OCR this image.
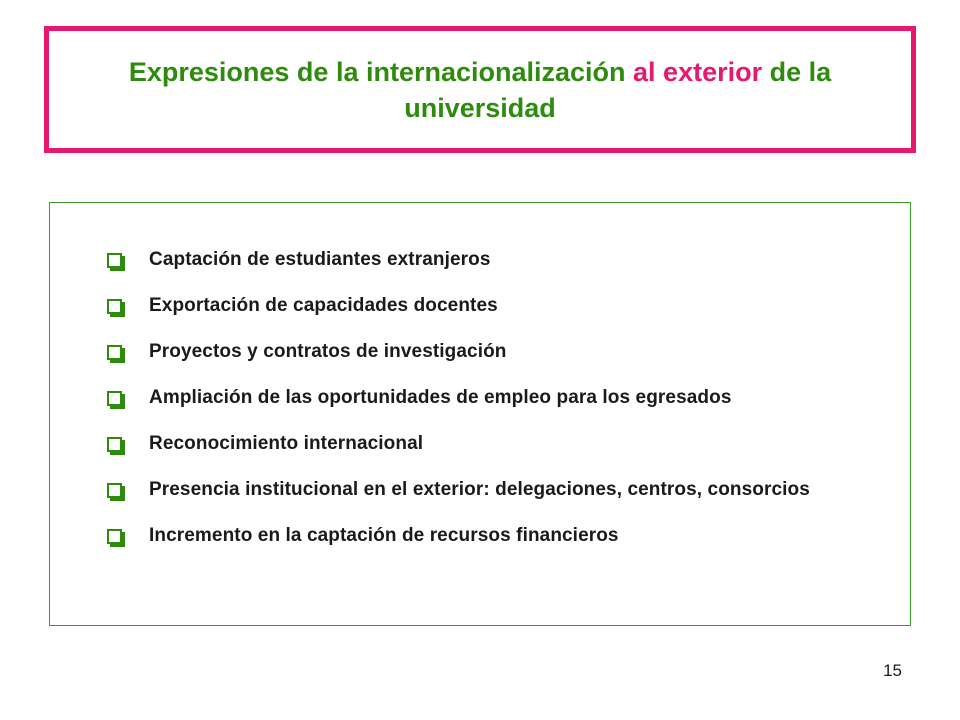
Expresiones de la internacionalización al exterior de la universidad
Captación de estudiantes extranjeros
Exportación de capacidades docentes
Proyectos y contratos de investigación
Ampliación de las oportunidades de empleo para los egresados
Reconocimiento internacional
Presencia institucional en el exterior: delegaciones, centros, consorcios
Incremento en la captación de recursos financieros
15
